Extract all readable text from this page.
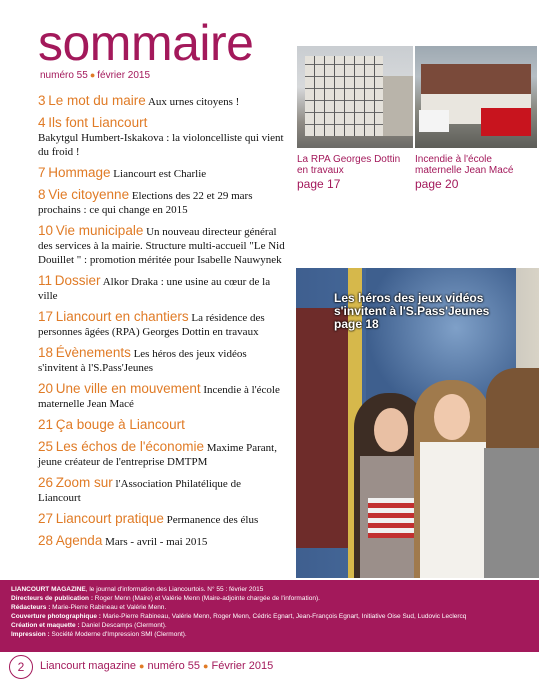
sommaire
numéro 55 ● février 2015
3 Le mot du maire Aux urnes citoyens !
4 Ils font Liancourt
Bakytgul Humbert-Iskakova : la violoncelliste qui vient du froid !
7 Hommage Liancourt est Charlie
8 Vie citoyenne Elections des 22 et 29 mars prochains : ce qui change en 2015
10 Vie municipale Un nouveau directeur général des services à la mairie. Structure multi-accueil "Le Nid Douillet " : promotion méritée pour Isabelle Nauwynek
11 Dossier Alkor Draka : une usine au cœur de la ville
17 Liancourt en chantiers La résidence des personnes âgées (RPA) Georges Dottin en travaux
18 Évènements Les héros des jeux vidéos s'invitent à l'S.Pass'Jeunes
20 Une ville en mouvement Incendie à l'école maternelle Jean Macé
21 Ça bouge à Liancourt
25 Les échos de l'économie Maxime Parant, jeune créateur de l'entreprise DMTPM
26 Zoom sur l'Association Philatélique de Liancourt
27 Liancourt pratique Permanence des élus
28 Agenda Mars - avril - mai 2015
La RPA Georges Dottin en travaux
page 17
Incendie à l'école maternelle Jean Macé
page 20
Les héros des jeux vidéos s'invitent à l'S.Pass'Jeunes
page 18
LIANCOURT MAGAZINE, le journal d'information des Liancourtois. N° 55 : février 2015
Directeurs de publication : Roger Menn (Maire) et Valérie Menn (Maire-adjointe chargée de l'information).
Rédacteurs : Marie-Pierre Rabineau et Valérie Menn.
Couverture photographique : Marie-Pierre Rabineau, Valérie Menn, Roger Menn, Cédric Egnart, Jean-François Egnart, Initiative Oise Sud, Ludovic Leclercq
Création et maquette : Daniel Descamps (Clermont).
Impression : Société Moderne d'Impression SMI (Clermont).
2	Liancourt magazine ● numéro 55 ● Février 2015
